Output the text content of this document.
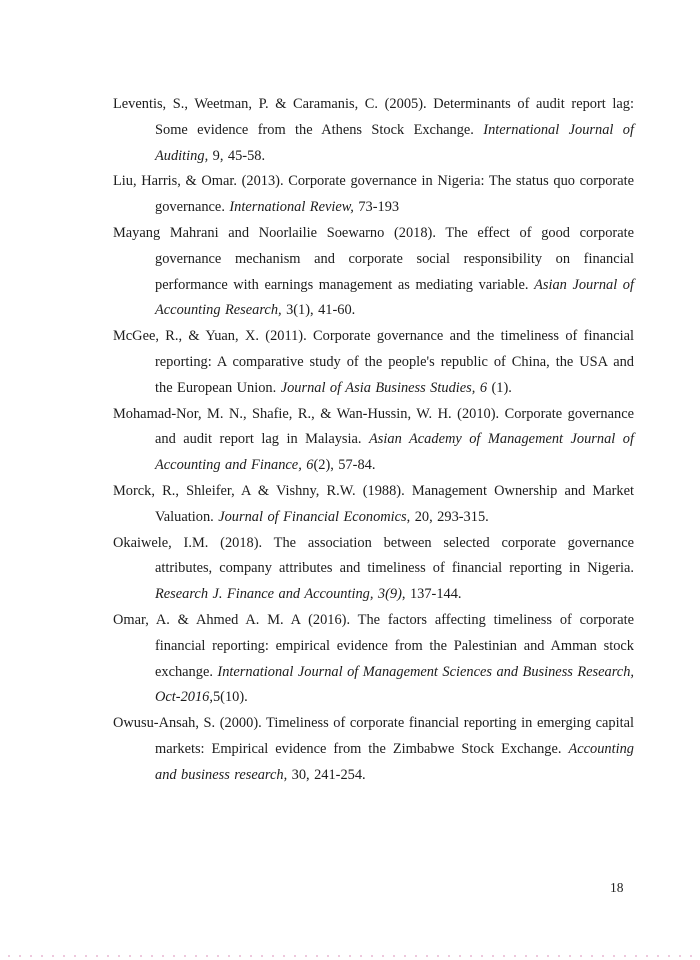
Leventis, S., Weetman, P. & Caramanis, C. (2005). Determinants of audit report lag: Some evidence from the Athens Stock Exchange. International Journal of Auditing, 9, 45-58.

Liu, Harris, & Omar. (2013). Corporate governance in Nigeria: The status quo corporate governance. International Review, 73-193

Mayang Mahrani and Noorlailie Soewarno (2018). The effect of good corporate governance mechanism and corporate social responsibility on financial performance with earnings management as mediating variable. Asian Journal of Accounting Research, 3(1), 41-60.

McGee, R., & Yuan, X. (2011). Corporate governance and the timeliness of financial reporting: A comparative study of the people's republic of China, the USA and the European Union. Journal of Asia Business Studies, 6 (1).

Mohamad-Nor, M. N., Shafie, R., & Wan-Hussin, W. H. (2010). Corporate governance and audit report lag in Malaysia. Asian Academy of Management Journal of Accounting and Finance, 6(2), 57-84.

Morck, R., Shleifer, A & Vishny, R.W. (1988). Management Ownership and Market Valuation. Journal of Financial Economics, 20, 293-315.

Okaiwele, I.M. (2018). The association between selected corporate governance attributes, company attributes and timeliness of financial reporting in Nigeria. Research J. Finance and Accounting, 3(9), 137-144.

Omar, A. & Ahmed A. M. A (2016). The factors affecting timeliness of corporate financial reporting: empirical evidence from the Palestinian and Amman stock exchange. International Journal of Management Sciences and Business Research, Oct-2016,5(10).

Owusu-Ansah, S. (2000). Timeliness of corporate financial reporting in emerging capital markets: Empirical evidence from the Zimbabwe Stock Exchange. Accounting and business research, 30, 241-254.

18
